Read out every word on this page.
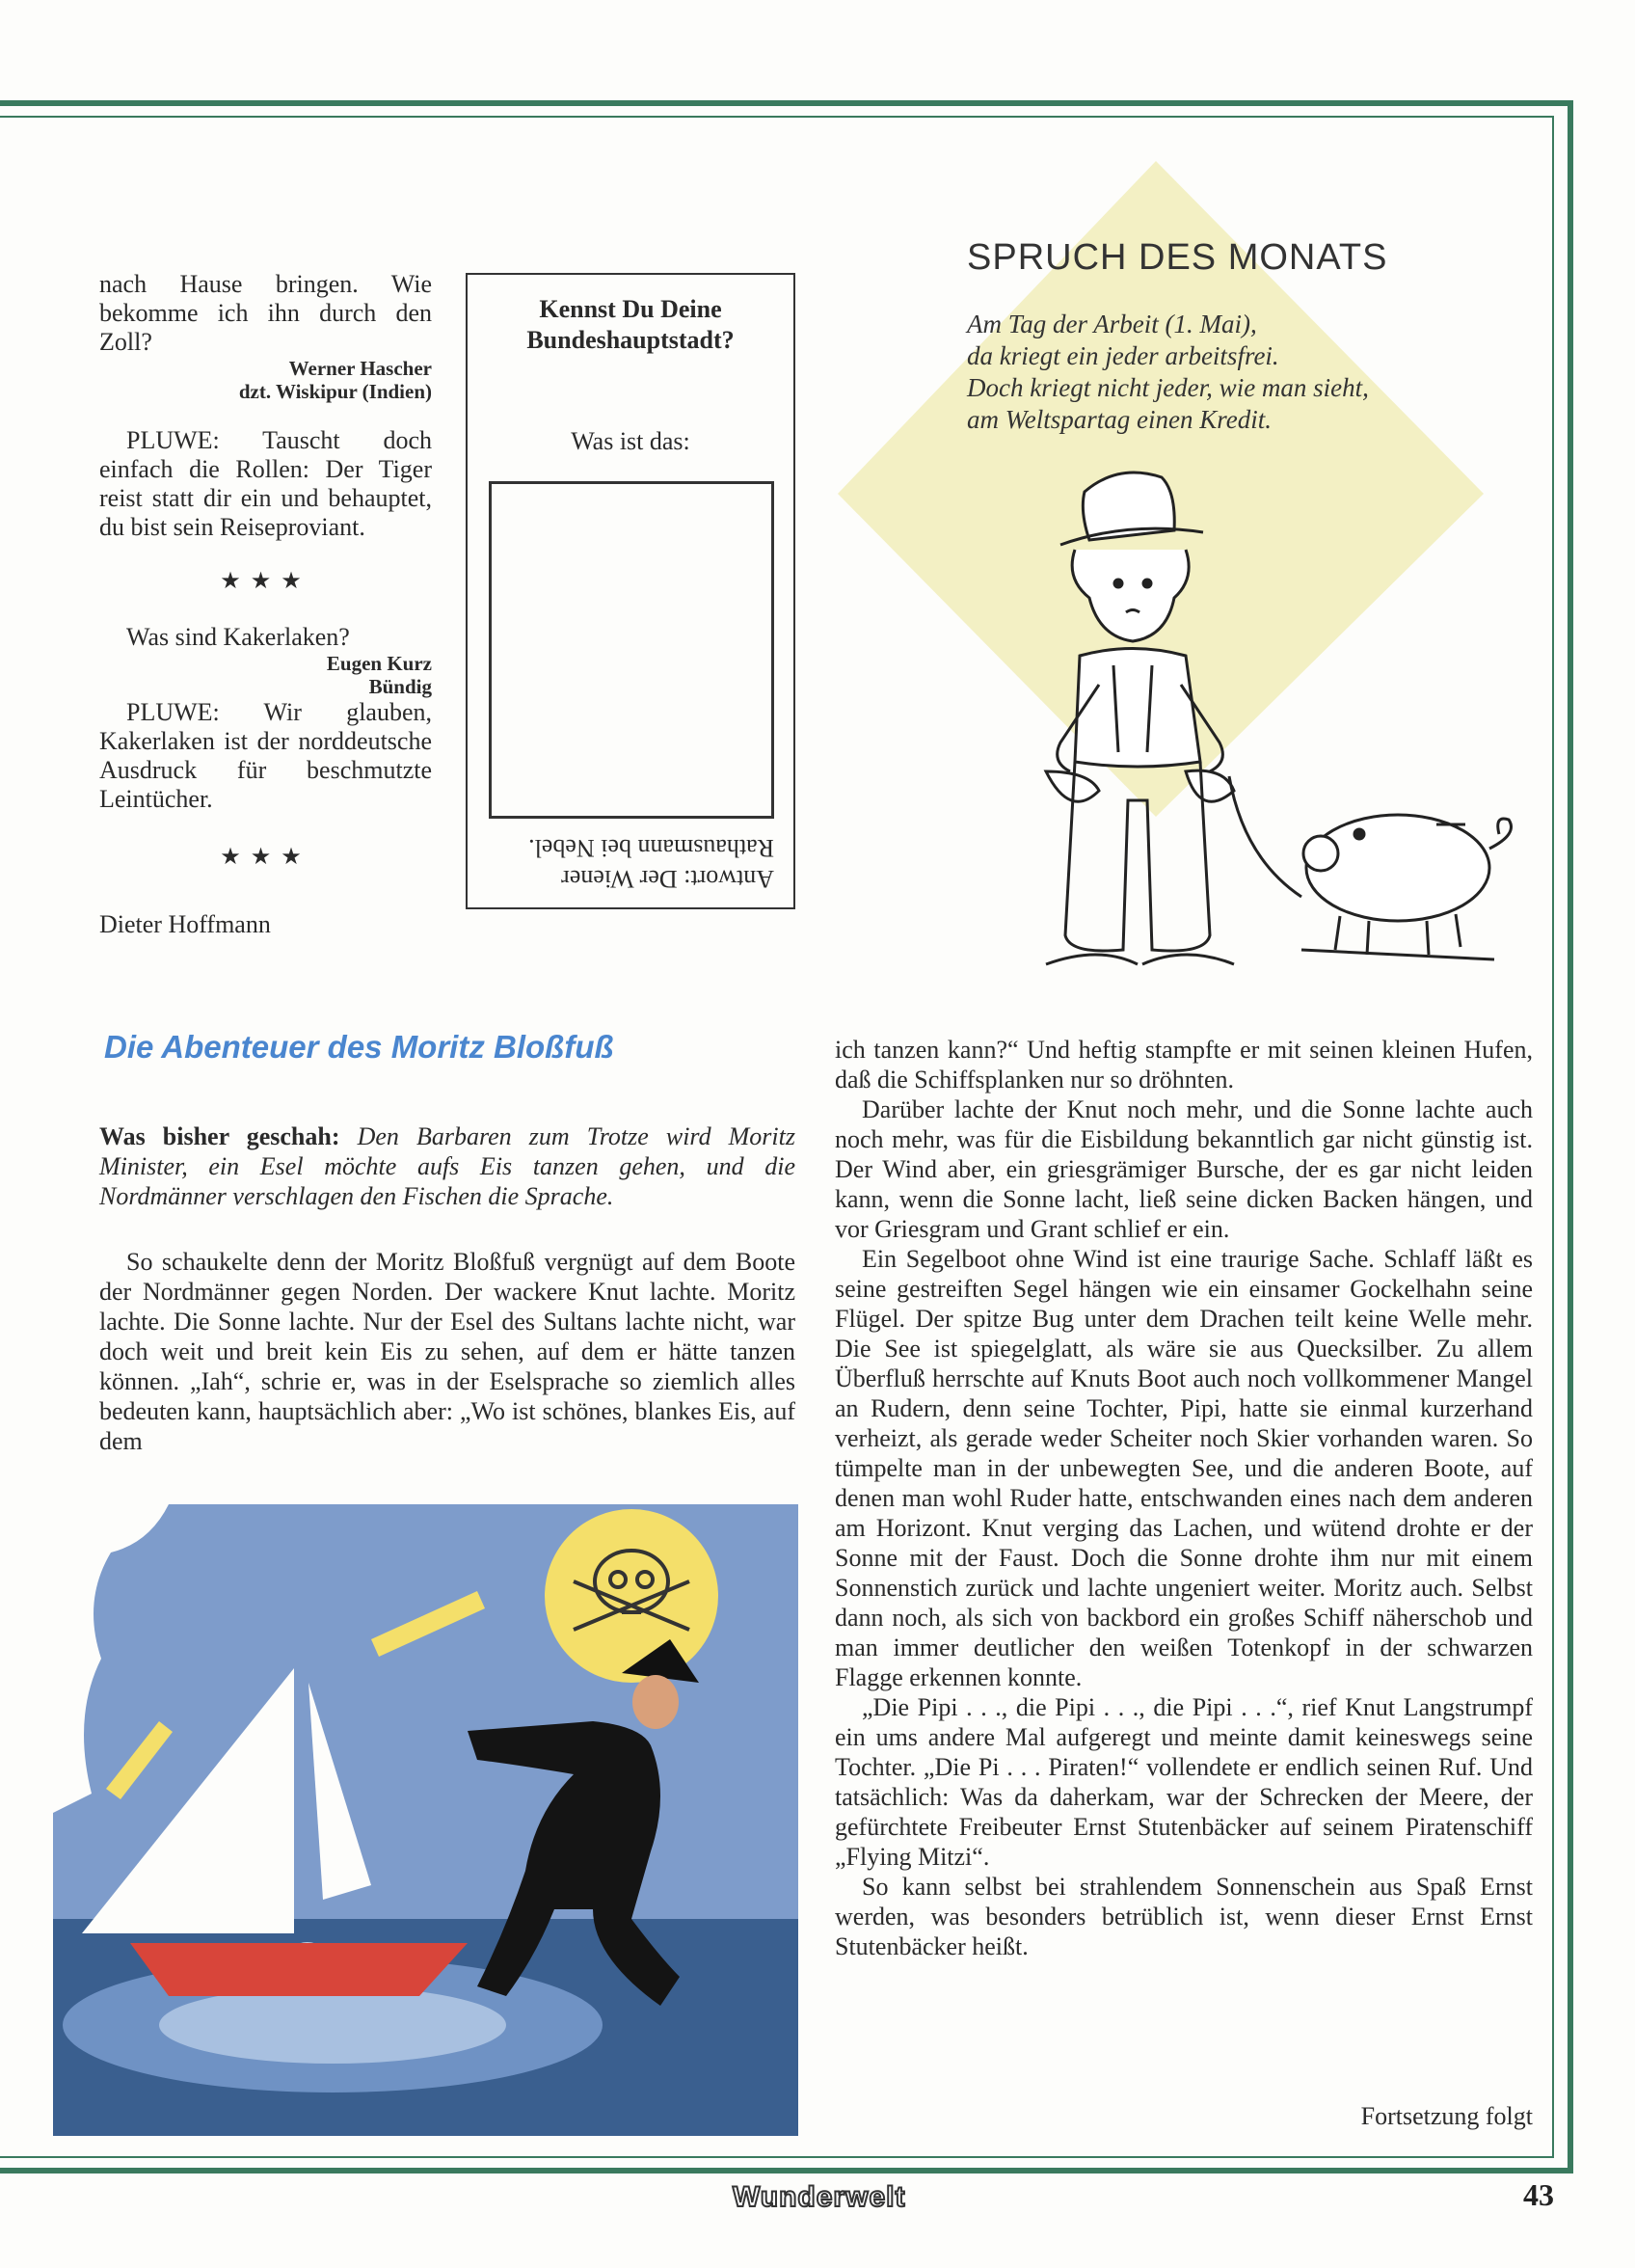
nach Hause bringen. Wie bekomme ich ihn durch den Zoll?

Werner Hascher
dzt. Wiskipur (Indien)

PLUWE: Tauscht doch einfach die Rollen: Der Tiger reist statt dir ein und behauptet, du bist sein Reiseproviant.

★★★

Was sind Kakerlaken?

Eugen Kurz
Bündig

PLUWE: Wir glauben, Kakerlaken ist der norddeutsche Ausdruck für beschmutzte Leintücher.

★★★

Dieter Hoffmann

Kennst Du Deine Bundeshauptstadt?
Was ist das:
Antwort: Der Wiener Rathausmann bei Nebel.
SPRUCH DES MONATS
Am Tag der Arbeit (1. Mai),
da kriegt ein jeder arbeitsfrei.
Doch kriegt nicht jeder, wie man sieht,
am Weltspartag einen Kredit.
Die Abenteuer des Moritz Bloßfuß
Was bisher geschah: Den Barbaren zum Trotze wird Moritz Minister, ein Esel möchte aufs Eis tanzen gehen, und die Nordmänner verschlagen den Fischen die Sprache.
So schaukelte denn der Moritz Bloßfuß vergnügt auf dem Boote der Nordmänner gegen Norden. Der wackere Knut lachte. Moritz lachte. Die Sonne lachte. Nur der Esel des Sultans lachte nicht, war doch weit und breit kein Eis zu sehen, auf dem er hätte tanzen können. „Iah“, schrie er, was in der Eselsprache so ziemlich alles bedeuten kann, hauptsächlich aber: „Wo ist schönes, blankes Eis, auf dem

ich tanzen kann?“ Und heftig stampfte er mit seinen kleinen Hufen, daß die Schiffsplanken nur so dröhnten.

Darüber lachte der Knut noch mehr, und die Sonne lachte auch noch mehr, was für die Eisbildung bekanntlich gar nicht günstig ist. Der Wind aber, ein griesgrämiger Bursche, der es gar nicht leiden kann, wenn die Sonne lacht, ließ seine dicken Backen hängen, und vor Griesgram und Grant schlief er ein.

Ein Segelboot ohne Wind ist eine traurige Sache. Schlaff läßt es seine gestreiften Segel hängen wie ein einsamer Gockelhahn seine Flügel. Der spitze Bug unter dem Drachen teilt keine Welle mehr. Die See ist spiegelglatt, als wäre sie aus Quecksilber. Zu allem Überfluß herrschte auf Knuts Boot auch noch vollkommener Mangel an Rudern, denn seine Tochter, Pipi, hatte sie einmal kurzerhand verheizt, als gerade weder Scheiter noch Skier vorhanden waren. So tümpelte man in der unbewegten See, und die anderen Boote, auf denen man wohl Ruder hatte, entschwanden eines nach dem anderen am Horizont. Knut verging das Lachen, und wütend drohte er der Sonne mit der Faust. Doch die Sonne drohte ihm nur mit einem Sonnenstich zurück und lachte ungeniert weiter. Moritz auch. Selbst dann noch, als sich von backbord ein großes Schiff näherschob und man immer deutlicher den weißen Totenkopf in der schwarzen Flagge erkennen konnte.

„Die Pipi . . ., die Pipi . . ., die Pipi . . .“, rief Knut Langstrumpf ein ums andere Mal aufgeregt und meinte damit keineswegs seine Tochter. „Die Pi . . . Piraten!“ vollendete er endlich seinen Ruf. Und tatsächlich: Was da daherkam, war der Schrecken der Meere, der gefürchtete Freibeuter Ernst Stutenbäcker auf seinem Piratenschiff „Flying Mitzi“.

So kann selbst bei strahlendem Sonnenschein aus Spaß Ernst werden, was besonders betrüblich ist, wenn dieser Ernst Ernst Stutenbäcker heißt.

Fortsetzung folgt
Wunderwelt	43
